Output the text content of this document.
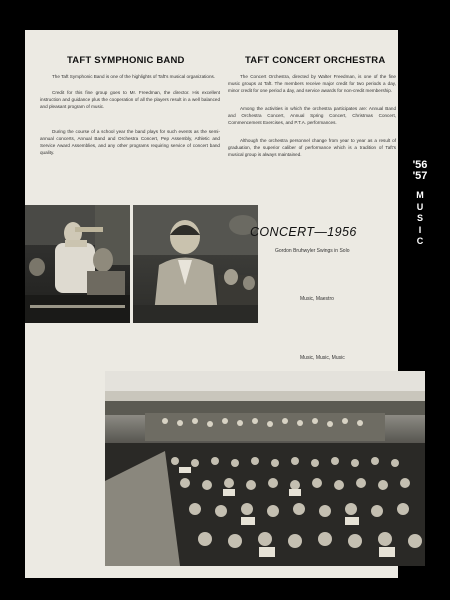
TAFT SYMPHONIC BAND

The Taft Symphonic Band is one of the highlights of Taft's musical organizations.

Credit for this fine group goes to Mr. Freedman, the director. His excellent instruction and guidance plus the cooperation of all the players result in a well balanced and pleasant program of music.

During the course of a school year the band plays for such events as the semi-annual concerts, Annual Band and Orchestra Concert, Pep Assembly, Athletic and Service Award Assemblies, and any other programs requiring service of concert band quality.

TAFT CONCERT ORCHESTRA

The Concert Orchestra, directed by Walter Freedman, is one of the fine music groups at Taft. The members receive major credit for two periods a day, minor credit for one period a day, and service awards for non-credit membership.

Among the activities in which the orchestra participates are: Annual Band and Orchestra Concert, Annual Spring Concert, Christmas Concert, Commencement Exercises, and P.T.A. performances.

Although the orchestra personnel change from year to year as a result of graduation, the superior caliber of performance which is a tradition of Taft's musical group is always maintained.

'56
'57
M
U
S
I
C
CONCERT—1956
Gordon Bruhwyler Swings in Solo
Music, Maestro
Music, Music, Music
